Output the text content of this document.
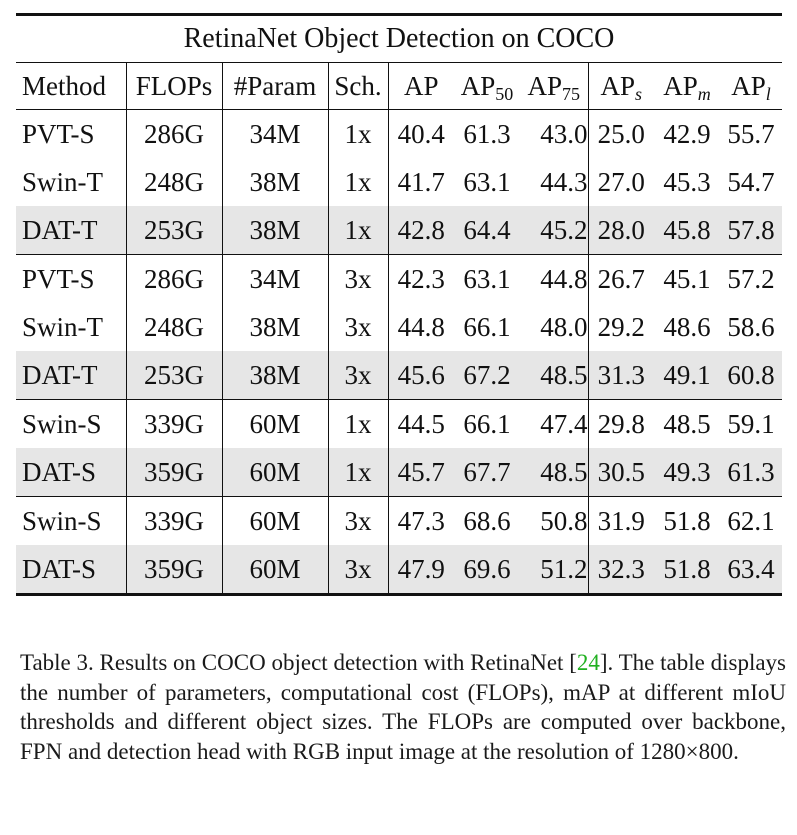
RetinaNet Object Detection on COCO									
Method	FLOPs	#Param	Sch.	AP	$AP_{50}$	$AP_{75}$	$AP_s$	$AP_m$	$AP_l$
PVT-S	286G	34M	1x	40.4	61.3	43.0	25.0	42.9	55.7
Swin-T	248G	38M	1x	41.7	63.1	44.3	27.0	45.3	54.7
DAT-T	253G	38M	1x	42.8	64.4	45.2	28.0	45.8	57.8
PVT-S	286G	34M	3x	42.3	63.1	44.8	26.7	45.1	57.2
Swin-T	248G	38M	3x	44.8	66.1	48.0	29.2	48.6	58.6
DAT-T	253G	38M	3x	45.6	67.2	48.5	31.3	49.1	60.8
Swin-S	339G	60M	1x	44.5	66.1	47.4	29.8	48.5	59.1
DAT-S	359G	60M	1x	45.7	67.7	48.5	30.5	49.3	61.3
Swin-S	339G	60M	3x	47.3	68.6	50.8	31.9	51.8	62.1
DAT-S	359G	60M	3x	47.9	69.6	51.2	32.3	51.8	63.4
Table 3. Results on COCO object detection with RetinaNet [24]. The table displays the number of parameters, computational cost (FLOPs), mAP at different mIoU thresholds and different object sizes. The FLOPs are computed over backbone, FPN and detection head with RGB input image at the resolution of 1280×800.
